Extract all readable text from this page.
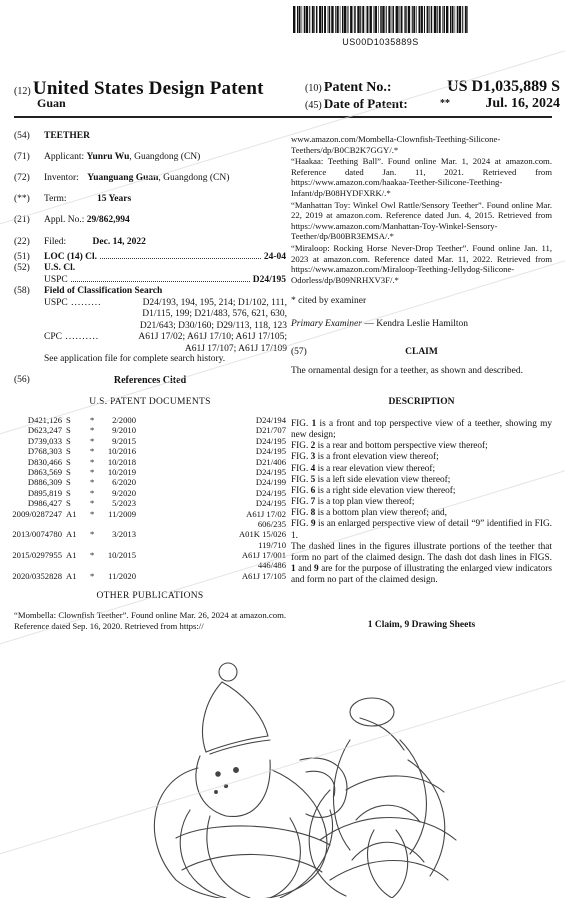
US00D1035889S
(12) United States Design Patent
Guan
(10) Patent No.:	US D1,035,889 S
(45) Date of Patent:	**	Jul. 16, 2024
(54) TEETHER
(71) Applicant: Yunru Wu, Guangdong (CN)
(72) Inventor: Yuanguang Guan, Guangdong (CN)
(**) Term:	15 Years
(21) Appl. No.: 29/862,994
(22) Filed:	Dec. 14, 2022
(51) LOC (14) Cl.	24-04
(52) U.S. Cl.
USPC	D24/195
(58) Field of Classification Search
USPC .........	D24/193, 194, 195, 214; D1/102, 111,
D1/115, 199; D21/483, 576, 621, 630,
D21/643; D30/160; D29/113, 118, 123
CPC ..........	A61J 17/02; A61J 17/10; A61J 17/105;
A61J 17/107; A61J 17/109
See application file for complete search history.
(56)	References Cited
U.S. PATENT DOCUMENTS
D421,126 S *	2/2000	D24/194
D623,247 S *	9/2010	D21/707
D739,033 S *	9/2015	D24/195
D768,303 S *	10/2016	D24/195
D830,466 S *	10/2018	D21/406
D863,569 S *	10/2019	D24/195
D886,309 S *	6/2020	D24/199
D895,819 S *	9/2020	D24/195
D986,427 S *	5/2023	D24/195
2009/0287247 A1 *	11/2009	A61J 17/02
606/235
2013/0074780 A1 *	3/2013	A01K 15/026
119/710
2015/0297955 A1 *	10/2015	A61J 17/001
446/486
2020/0352828 A1 *	11/2020	A61J 17/105
OTHER PUBLICATIONS
“Mombella: Clownfish Teether”. Found online Mar. 26, 2024 at amazon.com. Reference dated Sep. 16, 2020. Retrieved from https://

www.amazon.com/Mombella-Clownfish-Teething-Silicone-Teethers/dp/B0CB2K7GGY/.*

“Haakaa: Teething Ball”. Found online Mar. 1, 2024 at amazon.com. Reference dated Jan. 11, 2021. Retrieved from https://www.amazon.com/haakaa-Teether-Silicone-Teething-Infant/dp/B08HYDFXRK/.*

“Manhattan Toy: Winkel Owl Rattle/Sensory Teether”. Found online Mar. 22, 2019 at amazon.com. Reference dated Jun. 4, 2015. Retrieved from https://www.amazon.com/Manhattan-Toy-Winkel-Sensory-Teether/dp/B00BR3EMSA/.*

“Miraloop: Rocking Horse Never-Drop Teether”. Found online Jan. 11, 2023 at amazon.com. Reference dated Mar. 11, 2022. Retrieved from https://www.amazon.com/Miraloop-Teething-Jellydog-Silicone-Odorless/dp/B09NRHXV3F/.*

* cited by examiner
Primary Examiner — Kendra Leslie Hamilton
(57)	CLAIM
The ornamental design for a teether, as shown and described.
DESCRIPTION
FIG. 1 is a front and top perspective view of a teether, showing my new design;
FIG. 2 is a rear and bottom perspective view thereof;
FIG. 3 is a front elevation view thereof;
FIG. 4 is a rear elevation view thereof;
FIG. 5 is a left side elevation view thereof;
FIG. 6 is a right side elevation view thereof;
FIG. 7 is a top plan view thereof;
FIG. 8 is a bottom plan view thereof; and,
FIG. 9 is an enlarged perspective view of detail “9” identified in FIG. 1.
The dashed lines in the figures illustrate portions of the teether that form no part of the claimed design. The dash dot dash lines in FIGS. 1 and 9 are for the purpose of illustrating the enlarged view indicators and form no part of the claimed design.
1 Claim, 9 Drawing Sheets
